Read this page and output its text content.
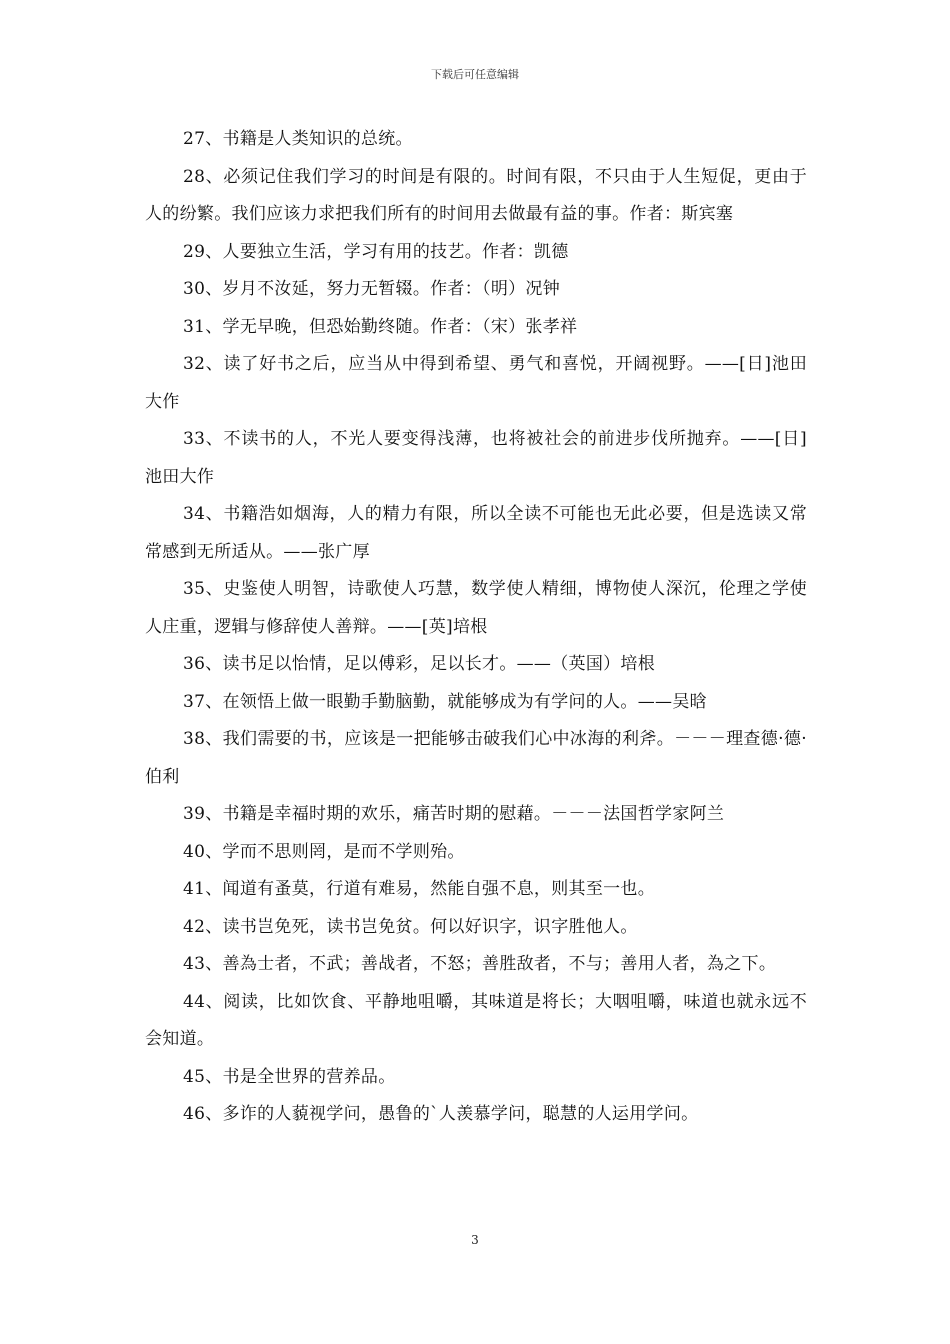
下载后可任意编辑

27、书籍是人类知识的总统。

28、必须记住我们学习的时间是有限的。时间有限，不只由于人生短促，更由于人的纷繁。我们应该力求把我们所有的时间用去做最有益的事。作者：斯宾塞

29、人要独立生活，学习有用的技艺。作者：凯德

30、岁月不汝延，努力无暂辍。作者：（明）况钟

31、学无早晚，但恐始勤终随。作者：（宋）张孝祥

32、读了好书之后，应当从中得到希望、勇气和喜悦，开阔视野。——[日]池田大作

33、不读书的人，不光人要变得浅薄，也将被社会的前进步伐所抛弃。——[日]池田大作

34、书籍浩如烟海，人的精力有限，所以全读不可能也无此必要，但是选读又常常感到无所适从。——张广厚

35、史鉴使人明智，诗歌使人巧慧，数学使人精细，博物使人深沉，伦理之学使人庄重，逻辑与修辞使人善辩。——[英]培根

36、读书足以怡情，足以傅彩，足以长才。——（英国）培根

37、在领悟上做一眼勤手勤脑勤，就能够成为有学问的人。——吴晗

38、我们需要的书，应该是一把能够击破我们心中冰海的利斧。－－－理查德·德·伯利

39、书籍是幸福时期的欢乐，痛苦时期的慰藉。－－－法国哲学家阿兰

40、学而不思则罔，是而不学则殆。

41、闻道有蚤莫，行道有难易，然能自强不息，则其至一也。

42、读书岂免死，读书岂免贫。何以好识字，识字胜他人。

43、善為士者，不武；善战者，不怒；善胜敌者，不与；善用人者，為之下。

44、阅读，比如饮食、平静地咀嚼，其味道是将长；大咽咀嚼，味道也就永远不会知道。

45、书是全世界的营养品。

46、多诈的人藐视学问，愚鲁的`人羡慕学问，聪慧的人运用学问。

3
